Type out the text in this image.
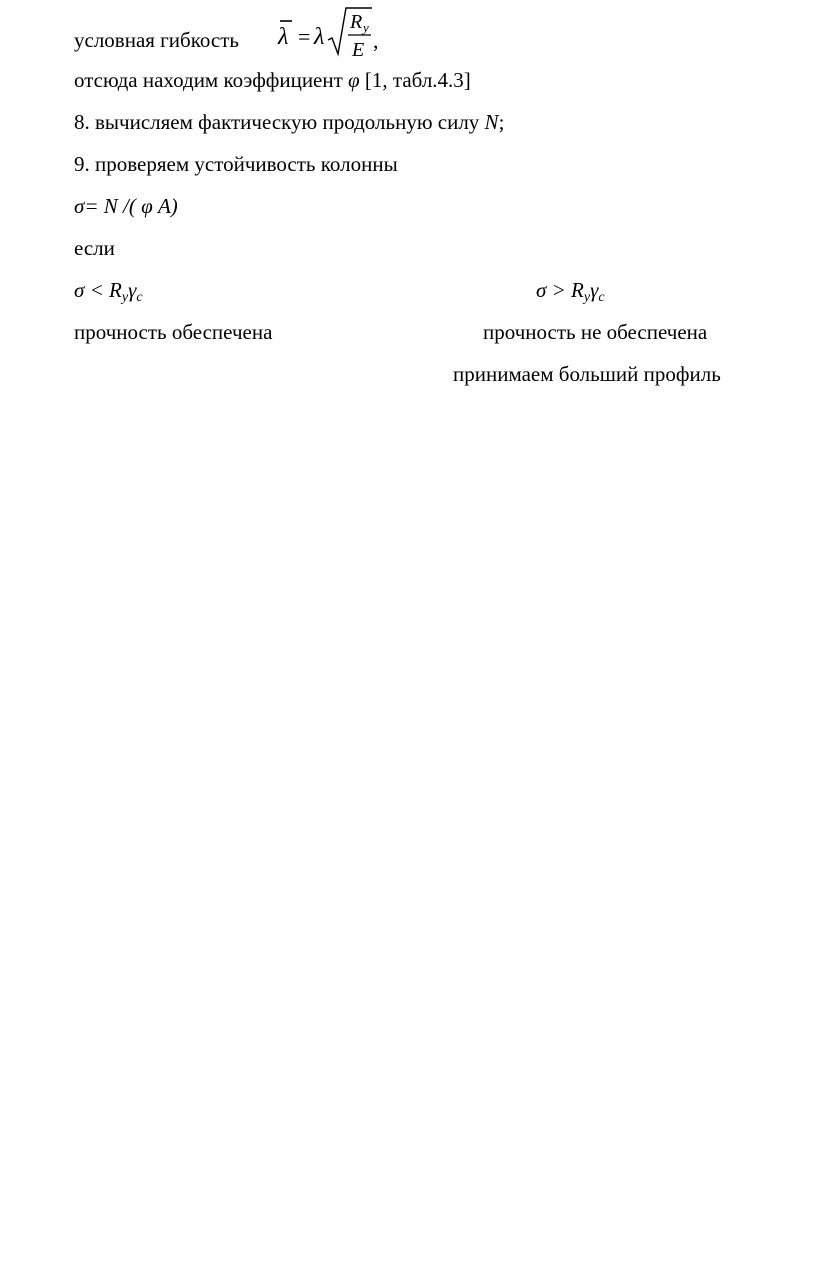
условная гибкость λ = λ
R y
E ,
отсюда находим коэффициент φ [1, табл.4.3]
8. вычисляем фактическую продольную силу N;
9. проверяем устойчивость колонны
σ= N /( φ A)
если
$\sigma < R_y\gamma_c$	$\sigma > R_y\gamma_c$
прочность обеспечена	прочность не обеспечена
принимаем больший профиль
